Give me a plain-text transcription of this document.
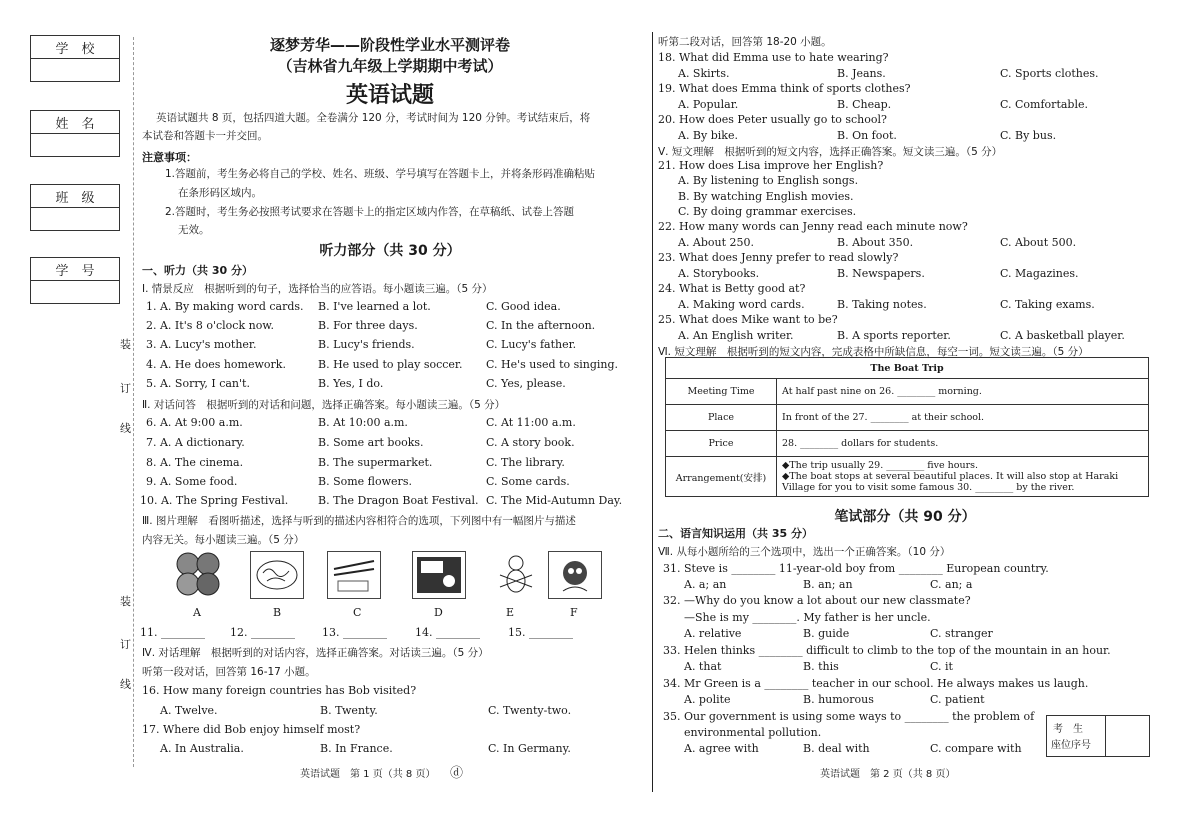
学　校
姓　名
班　级
学　号
装
订
线
装
订
线
逐梦芳华——阶段性学业水平测评卷
（吉林省九年级上学期期中考试）
英语试题
英语试题共 8 页，包括四道大题。全卷满分 120 分，考试时间为 120 分钟。考试结束后，将
本试卷和答题卡一并交回。
注意事项：
1.答题前，考生务必将自己的学校、姓名、班级、学号填写在答题卡上，并将条形码准确粘贴
在条形码区域内。
2.答题时，考生务必按照考试要求在答题卡上的指定区域内作答，在草稿纸、试卷上答题
无效。
听力部分（共 30 分）
一、听力（共 30 分）
Ⅰ. 情景反应　根据听到的句子，选择恰当的应答语。每小题读三遍。（5 分）
1. A. By making word cards. B. I've learned a lot.	C. Good idea.
2. A. It's 8 o'clock now.	B. For three days.	C. In the afternoon.
3. A. Lucy's mother.	B. Lucy's friends.	C. Lucy's father.
4. A. He does homework.	B. He used to play soccer. C. He's used to singing.
5. A. Sorry, I can't.	B. Yes, I do.	C. Yes, please.
Ⅱ. 对话问答　根据听到的对话和问题，选择正确答案。每小题读三遍。（5 分）
6. A. At 9:00 a.m.	B. At 10:00 a.m.	C. At 11:00 a.m.
7. A. A dictionary.	B. Some art books.	C. A story book.
8. A. The cinema.	B. The supermarket.	C. The library.
9. A. Some food.	B. Some flowers.	C. Some cards.
10. A. The Spring Festival.	B. The Dragon Boat Festival. C. The Mid-Autumn Day.
Ⅲ. 图片理解　看图听描述，选择与听到的描述内容相符合的选项，下列图中有一幅图片与描述
内容无关。每小题读三遍。（5 分）
A	B	C	D	E	F
11. ________ 12. ________ 13. ________	14. ________	15. ________
Ⅳ. 对话理解　根据听到的对话内容，选择正确答案。对话读三遍。（5 分）
听第一段对话，回答第 16-17 小题。
16. How many foreign countries has Bob visited?
A. Twelve.	B. Twenty.	C. Twenty-two.
17. Where did Bob enjoy himself most?
A. In Australia.	B. In France.	C. In Germany.
英语试题　第 1 页（共 8 页） ⓓ
听第二段对话，回答第 18-20 小题。
18. What did Emma use to hate wearing?
A. Skirts.	B. Jeans.	C. Sports clothes.
19. What does Emma think of sports clothes?
A. Popular.	B. Cheap.	C. Comfortable.
20. How does Peter usually go to school?
A. By bike.	B. On foot.	C. By bus.
Ⅴ. 短文理解　根据听到的短文内容，选择正确答案。短文读三遍。（5 分）
21. How does Lisa improve her English?
A. By listening to English songs.
B. By watching English movies.
C. By doing grammar exercises.
22. How many words can Jenny read each minute now?
A. About 250.	B. About 350.	C. About 500.
23. What does Jenny prefer to read slowly?
A. Storybooks.	B. Newspapers.	C. Magazines.
24. What is Betty good at?
A. Making word cards.	B. Taking notes.	C. Taking exams.
25. What does Mike want to be?
A. An English writer.	B. A sports reporter.	C. A basketball player.
Ⅵ. 短文理解　根据听到的短文内容，完成表格中所缺信息，每空一词。短文读三遍。（5 分）
The Boat Trip	
Meeting Time	At half past nine on 26. ________ morning.
Place	In front of the 27. ________ at their school.
Price	28. ________ dollars for students.
Arrangement(安排)	◆The trip usually 29. ________ five hours.
◆The boat stops at several beautiful places. It will also stop at Haraki Village for you to visit some famous 30. ________ by the river.
笔试部分（共 90 分）
二、语言知识运用（共 35 分）
Ⅶ. 从每小题所给的三个选项中，选出一个正确答案。（10 分）
31. Steve is ________ 11-year-old boy from ________ European country.
A. a; an	B. an; an	C. an; a
32. —Why do you know a lot about our new classmate?
—She is my ________. My father is her uncle.
A. relative	B. guide	C. stranger
33. Helen thinks ________ difficult to climb to the top of the mountain in an hour.
A. that	B. this	C. it
34. Mr Green is a ________ teacher in our school. He always makes us laugh.
A. polite	B. humorous	C. patient
35. Our government is using some ways to ________ the problem of
environmental pollution.
A. agree with	B. deal with	C. compare with
考　生
座位序号
英语试题　第 2 页（共 8 页）
